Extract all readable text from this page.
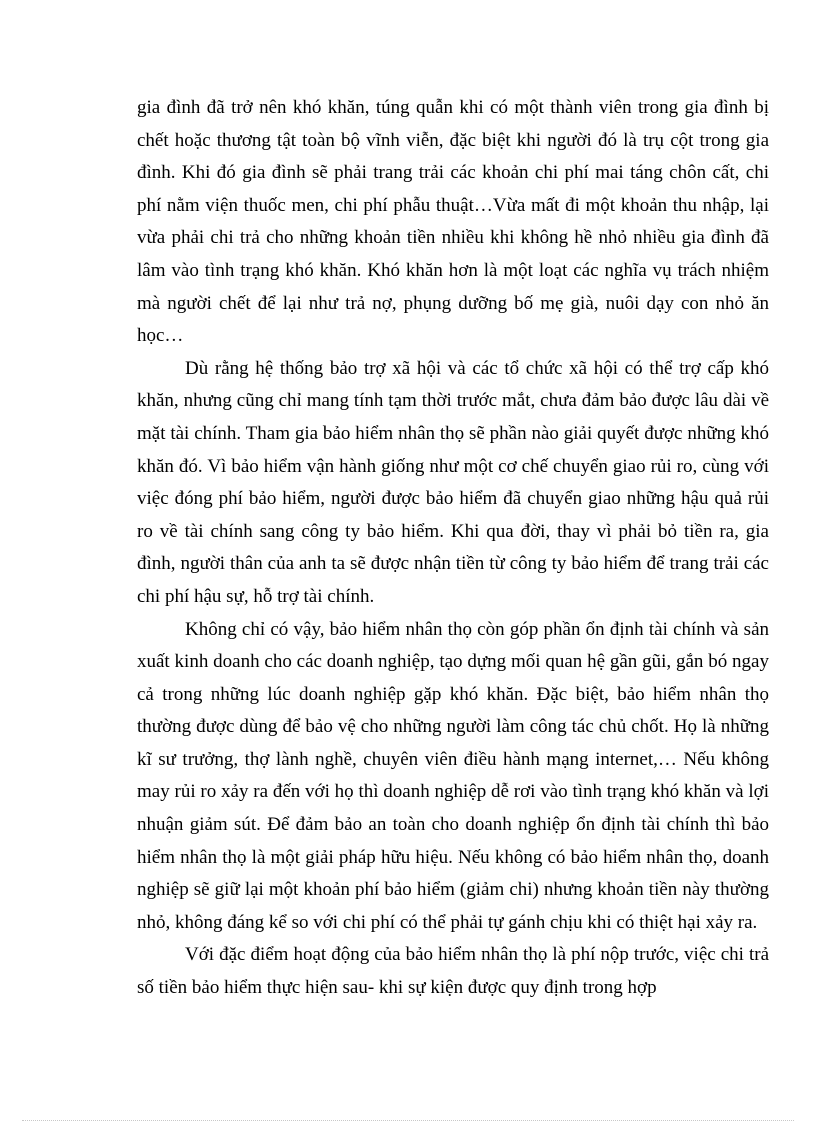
gia đình đã trở nên khó khăn, túng quẫn khi có một thành viên trong gia đình bị chết hoặc thương tật toàn bộ vĩnh viễn, đặc biệt khi người đó là trụ cột trong gia đình. Khi đó gia đình sẽ phải trang trải các khoản chi phí mai táng chôn cất, chi phí nằm viện thuốc men, chi phí phẫu thuật…Vừa mất đi một khoản thu nhập, lại vừa phải chi trả cho những khoản tiền nhiều khi không hề nhỏ nhiều gia đình đã lâm vào tình trạng khó khăn. Khó khăn hơn là một loạt các nghĩa vụ trách nhiệm mà người chết để lại như trả nợ, phụng dưỡng bố mẹ già, nuôi dạy con nhỏ ăn học…

Dù rằng hệ thống bảo trợ xã hội và các tổ chức xã hội có thể trợ cấp khó khăn, nhưng cũng chỉ mang tính tạm thời trước mắt, chưa đảm bảo được lâu dài về mặt tài chính. Tham gia bảo hiểm nhân thọ sẽ phần nào giải quyết được những khó khăn đó. Vì bảo hiểm vận hành giống như một cơ chế chuyển giao rủi ro, cùng với việc đóng phí bảo hiểm, người được bảo hiểm đã chuyển giao những hậu quả rủi ro về tài chính sang công ty bảo hiểm. Khi qua đời, thay vì phải bỏ tiền ra, gia đình, người thân của anh ta sẽ được nhận tiền từ công ty bảo hiểm để trang trải các chi phí hậu sự, hỗ trợ tài chính.

Không chỉ có vậy, bảo hiểm nhân thọ còn góp phần ổn định tài chính và sản xuất kinh doanh cho các doanh nghiệp, tạo dựng mối quan hệ gần gũi, gắn bó ngay cả trong những lúc doanh nghiệp gặp khó khăn. Đặc biệt, bảo hiểm nhân thọ thường được dùng để bảo vệ cho những người làm công tác chủ chốt. Họ là những kĩ sư trưởng, thợ lành nghề, chuyên viên điều hành mạng internet,… Nếu không may rủi ro xảy ra đến với họ thì doanh nghiệp dễ rơi vào tình trạng khó khăn và lợi nhuận giảm sút. Để đảm bảo an toàn cho doanh nghiệp ổn định tài chính thì bảo hiểm nhân thọ là một giải pháp hữu hiệu. Nếu không có bảo hiểm nhân thọ, doanh nghiệp sẽ giữ lại một khoản phí bảo hiểm (giảm chi) nhưng khoản tiền này thường nhỏ, không đáng kể so với chi phí có thể phải tự gánh chịu khi có thiệt hại xảy ra.

Với đặc điểm hoạt động của bảo hiểm nhân thọ là phí nộp trước, việc chi trả số tiền bảo hiểm thực hiện sau- khi sự kiện được quy định trong hợp
